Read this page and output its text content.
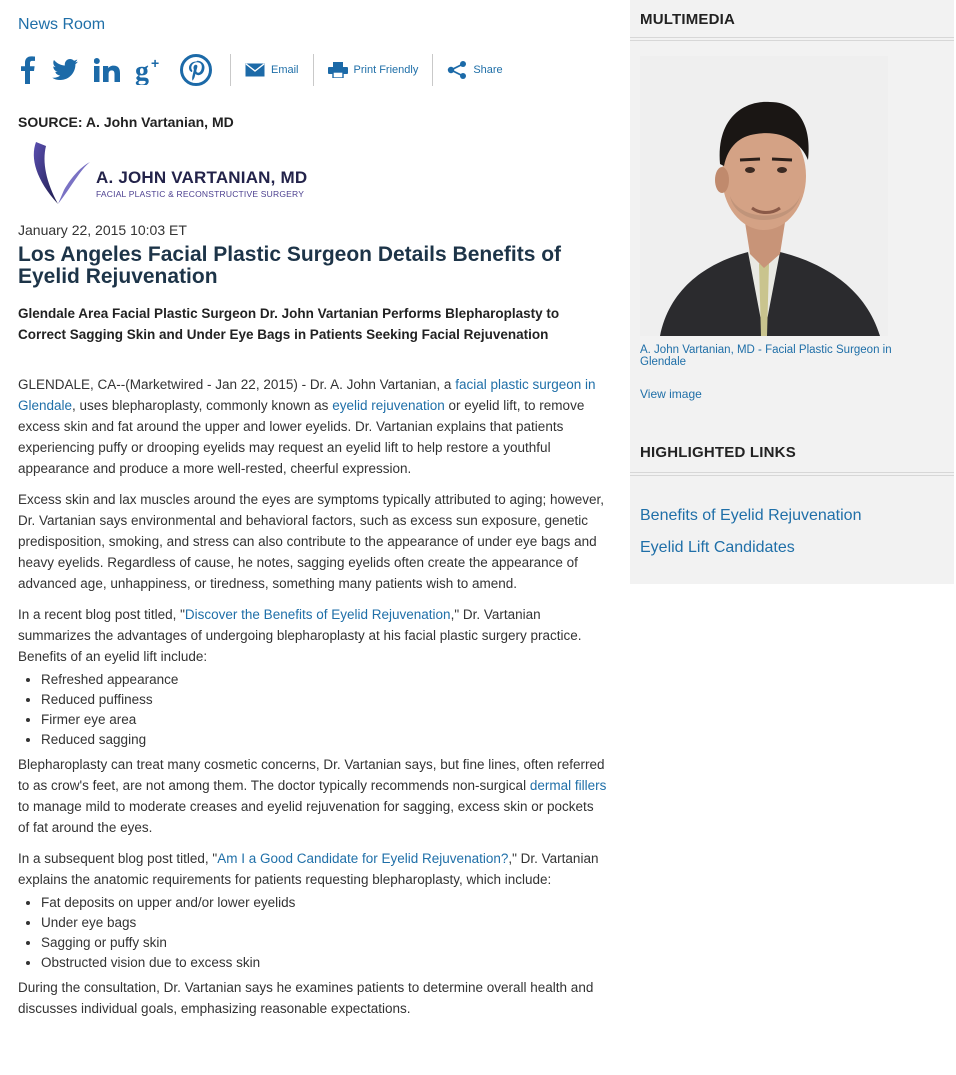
News Room
g +	Email	Print Friendly	Share
SOURCE: A. John Vartanian, MD
A. JOHN VARTANIAN, MD
FACIAL PLASTIC & RECONSTRUCTIVE SURGERY
January 22, 2015 10:03 ET
Los Angeles Facial Plastic Surgeon Details Benefits of Eyelid Rejuvenation
Glendale Area Facial Plastic Surgeon Dr. John Vartanian Performs Blepharoplasty to Correct Sagging Skin and Under Eye Bags in Patients Seeking Facial Rejuvenation

GLENDALE, CA--(Marketwired - Jan 22, 2015) - Dr. A. John Vartanian, a facial plastic surgeon in Glendale, uses blepharoplasty, commonly known as eyelid rejuvenation or eyelid lift, to remove excess skin and fat around the upper and lower eyelids. Dr. Vartanian explains that patients experiencing puffy or drooping eyelids may request an eyelid lift to help restore a youthful appearance and produce a more well-rested, cheerful expression.

Excess skin and lax muscles around the eyes are symptoms typically attributed to aging; however, Dr. Vartanian says environmental and behavioral factors, such as excess sun exposure, genetic predisposition, smoking, and stress can also contribute to the appearance of under eye bags and heavy eyelids. Regardless of cause, he notes, sagging eyelids often create the appearance of advanced age, unhappiness, or tiredness, something many patients wish to amend.

In a recent blog post titled, "Discover the Benefits of Eyelid Rejuvenation," Dr. Vartanian summarizes the advantages of undergoing blepharoplasty at his facial plastic surgery practice. Benefits of an eyelid lift include:

• Refreshed appearance
• Reduced puffiness
• Firmer eye area
• Reduced sagging

Blepharoplasty can treat many cosmetic concerns, Dr. Vartanian says, but fine lines, often referred to as crow's feet, are not among them. The doctor typically recommends non-surgical dermal fillers to manage mild to moderate creases and eyelid rejuvenation for sagging, excess skin or pockets of fat around the eyes.

In a subsequent blog post titled, "Am I a Good Candidate for Eyelid Rejuvenation?," Dr. Vartanian explains the anatomic requirements for patients requesting blepharoplasty, which include:

• Fat deposits on upper and/or lower eyelids
• Under eye bags
• Sagging or puffy skin
• Obstructed vision due to excess skin

During the consultation, Dr. Vartanian says he examines patients to determine overall health and discusses individual goals, emphasizing reasonable expectations.

MULTIMEDIA
A. John Vartanian, MD - Facial Plastic Surgeon in Glendale
View image
HIGHLIGHTED LINKS
Benefits of Eyelid Rejuvenation
Eyelid Lift Candidates
